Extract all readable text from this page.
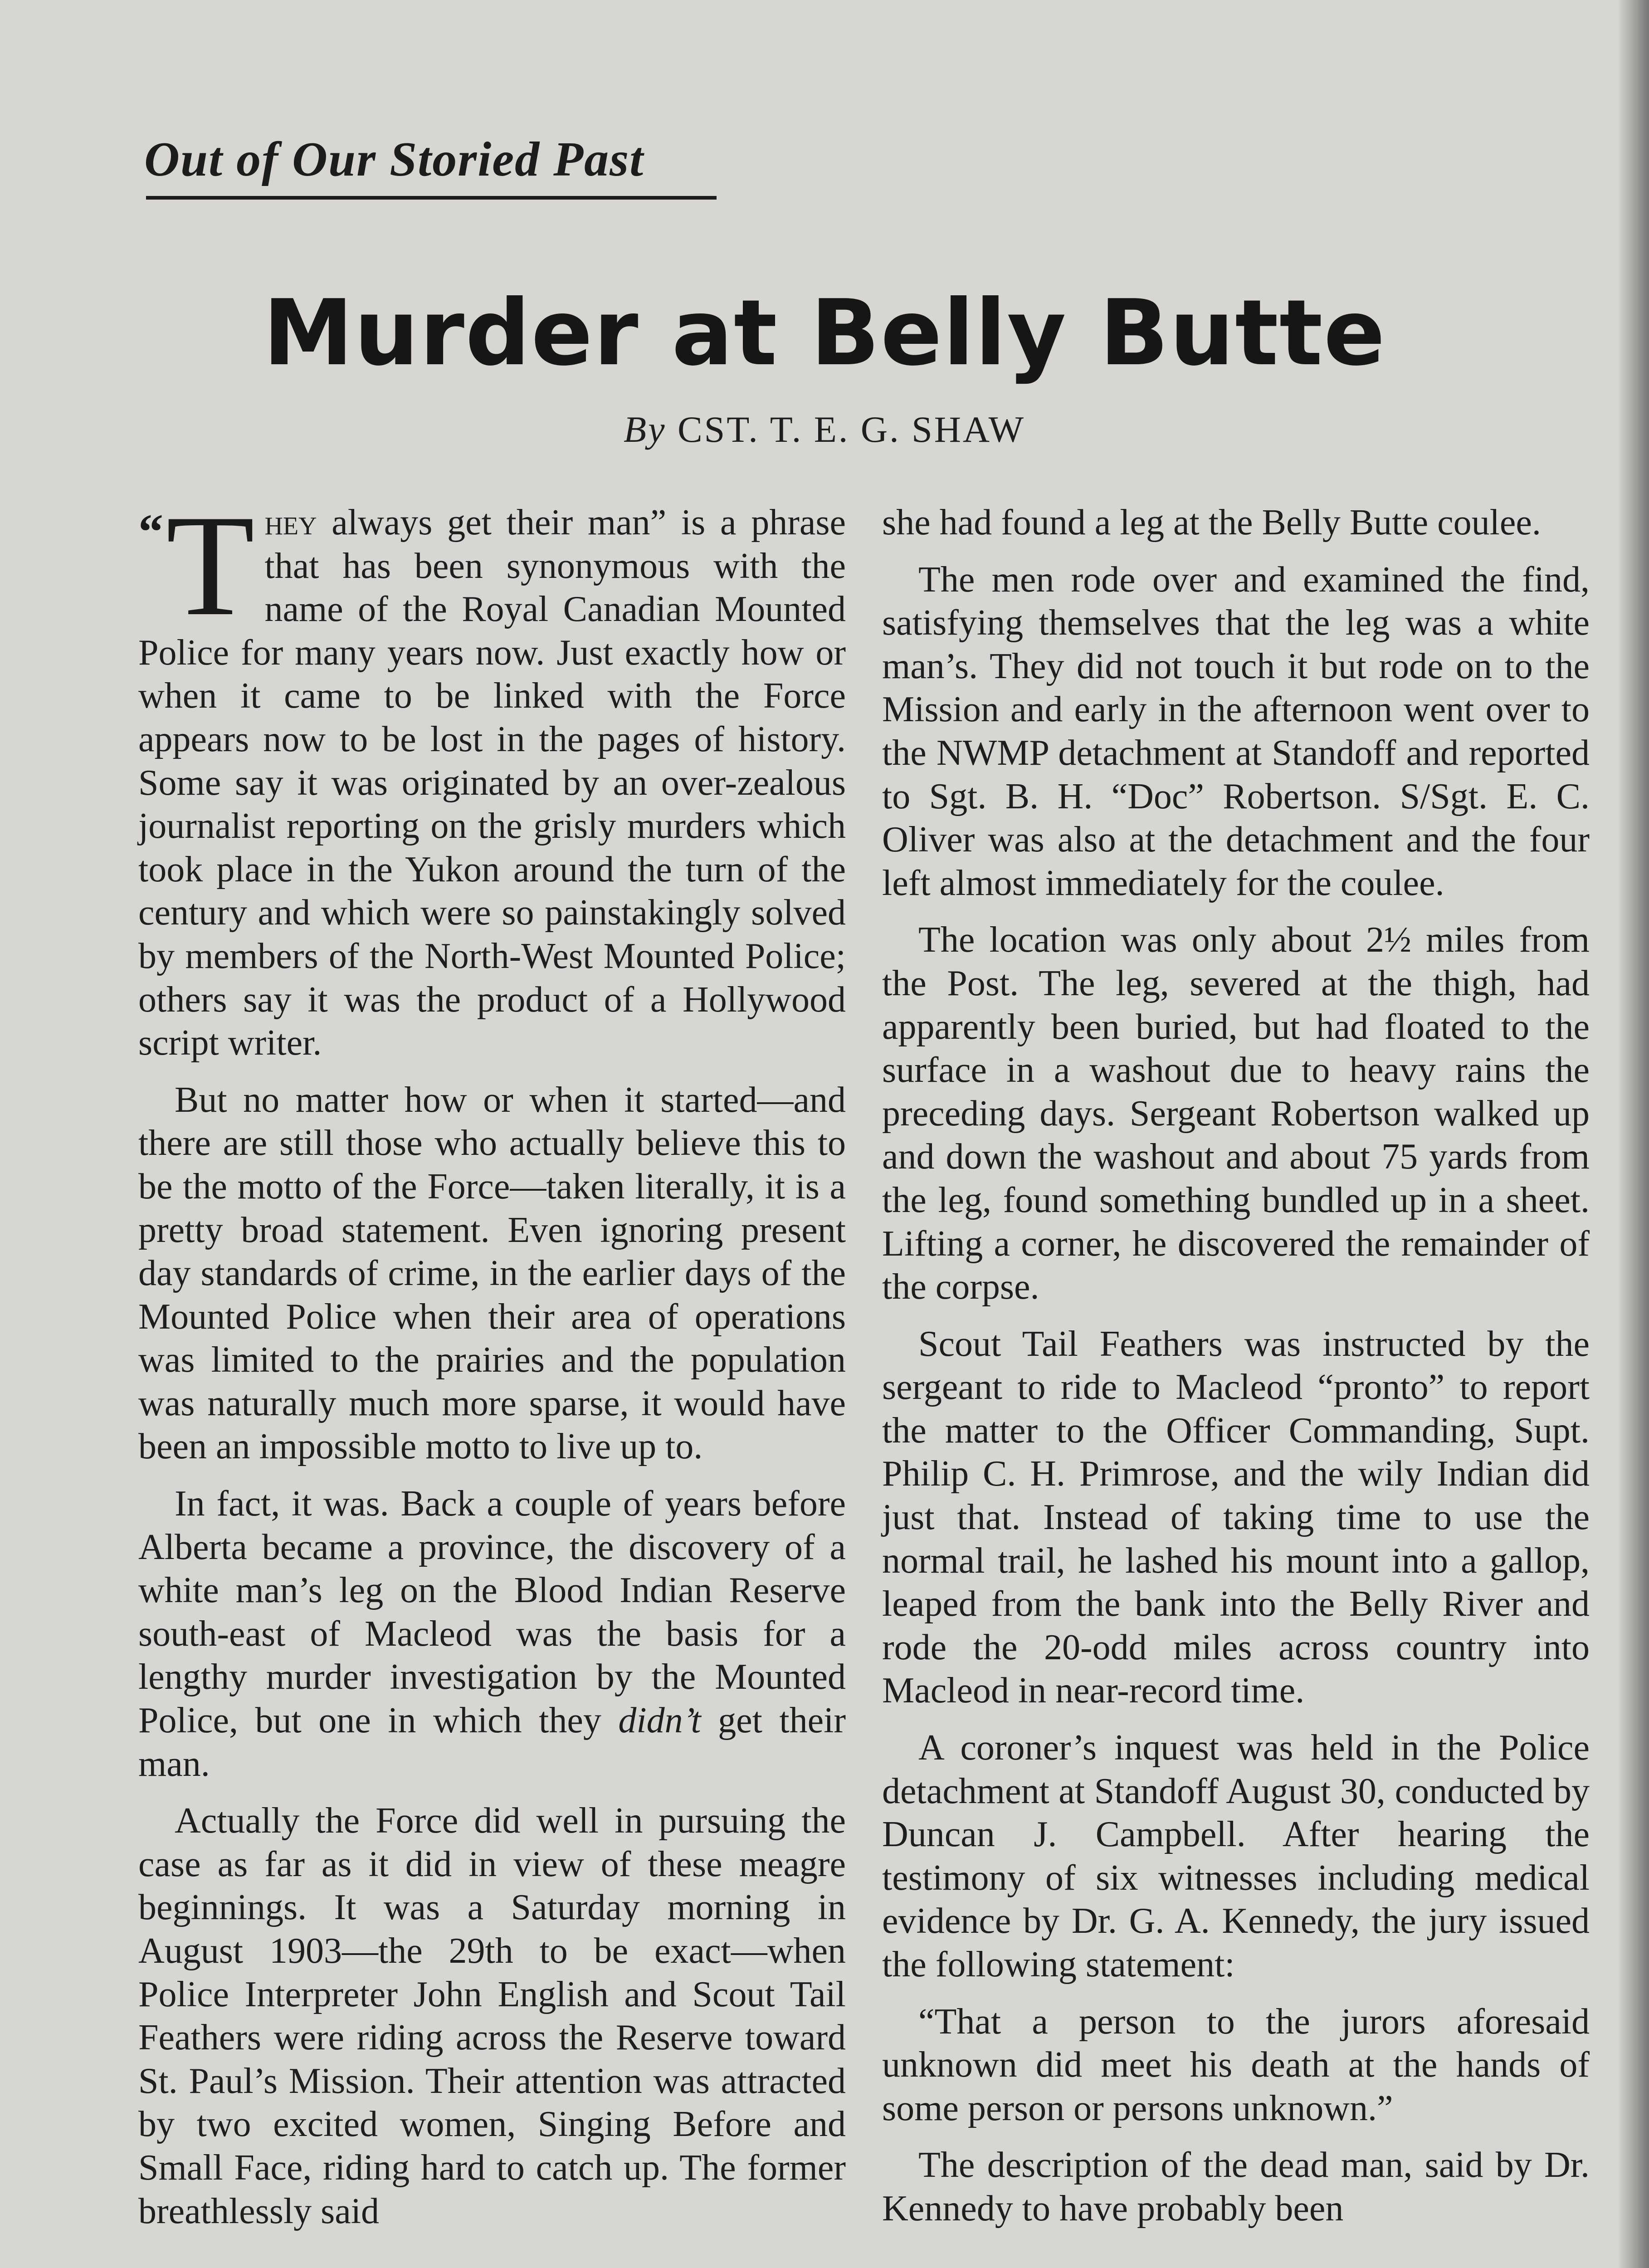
Out of Our Storied Past
Murder at Belly Butte
By CST. T. E. G. SHAW

“T hey always get their man” is a phrase that has been synonymous with the name of the Royal Canadian Mounted Police for many years now. Just exactly how or when it came to be linked with the Force appears now to be lost in the pages of history. Some say it was originated by an over-zealous journalist reporting on the grisly murders which took place in the Yukon around the turn of the century and which were so painstakingly solved by members of the North-West Mounted Police; others say it was the product of a Hollywood script writer.

But no matter how or when it started—and there are still those who actually believe this to be the motto of the Force—taken literally, it is a pretty broad statement. Even ignoring present day standards of crime, in the earlier days of the Mounted Police when their area of operations was limited to the prairies and the population was naturally much more sparse, it would have been an impossible motto to live up to.

In fact, it was. Back a couple of years before Alberta became a province, the discovery of a white man’s leg on the Blood Indian Reserve south-east of Macleod was the basis for a lengthy murder investigation by the Mounted Police, but one in which they didn’t get their man.

Actually the Force did well in pursuing the case as far as it did in view of these meagre beginnings. It was a Saturday morning in August 1903—the 29th to be exact—when Police Interpreter John English and Scout Tail Feathers were riding across the Reserve toward St. Paul’s Mission. Their attention was attracted by two excited women, Singing Before and Small Face, riding hard to catch up. The former breathlessly said

she had found a leg at the Belly Butte coulee.

The men rode over and examined the find, satisfying themselves that the leg was a white man’s. They did not touch it but rode on to the Mission and early in the afternoon went over to the NWMP detachment at Standoff and reported to Sgt. B. H. “Doc” Robertson. S/Sgt. E. C. Oliver was also at the detachment and the four left almost immediately for the coulee.

The location was only about 2½ miles from the Post. The leg, severed at the thigh, had apparently been buried, but had floated to the surface in a washout due to heavy rains the preceding days. Sergeant Robertson walked up and down the washout and about 75 yards from the leg, found something bundled up in a sheet. Lifting a corner, he discovered the remainder of the corpse.

Scout Tail Feathers was instructed by the sergeant to ride to Macleod “pronto” to report the matter to the Officer Commanding, Supt. Philip C. H. Primrose, and the wily Indian did just that. Instead of taking time to use the normal trail, he lashed his mount into a gallop, leaped from the bank into the Belly River and rode the 20-odd miles across country into Macleod in near-record time.

A coroner’s inquest was held in the Police detachment at Standoff August 30, conducted by Duncan J. Campbell. After hearing the testimony of six witnesses including medical evidence by Dr. G. A. Kennedy, the jury issued the following statement:

“That a person to the jurors aforesaid unknown did meet his death at the hands of some person or persons unknown.”

The description of the dead man, said by Dr. Kennedy to have probably been
